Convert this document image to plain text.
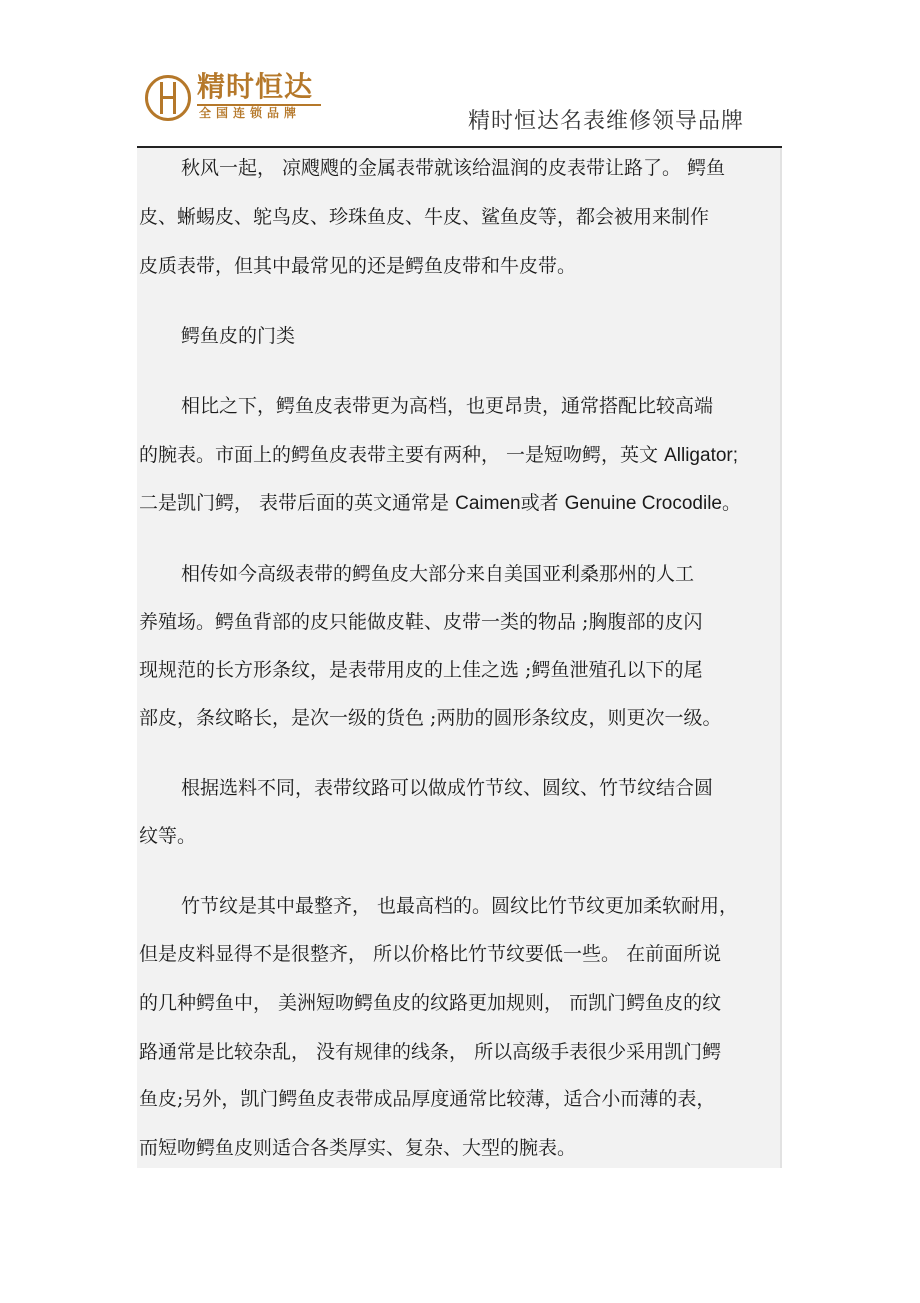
精时恒达
全国连锁品牌	精时恒达名表维修领导品牌
秋风一起， 凉飕飕的金属表带就该给温润的皮表带让路了。 鳄鱼
皮、蜥蜴皮、鸵鸟皮、珍珠鱼皮、牛皮、鲨鱼皮等，都会被用来制作
皮质表带，但其中最常见的还是鳄鱼皮带和牛皮带。
鳄鱼皮的门类
相比之下，鳄鱼皮表带更为高档，也更昂贵，通常搭配比较高端
的腕表。市面上的鳄鱼皮表带主要有两种， 一是短吻鳄，英文 Alligator;
二是凯门鳄， 表带后面的英文通常是 Caimen或者 Genuine Crocodile。
相传如今高级表带的鳄鱼皮大部分来自美国亚利桑那州的人工
养殖场。鳄鱼背部的皮只能做皮鞋、皮带一类的物品 ;胸腹部的皮闪
现规范的长方形条纹，是表带用皮的上佳之选 ;鳄鱼泄殖孔以下的尾
部皮，条纹略长，是次一级的货色 ;两肋的圆形条纹皮，则更次一级。
根据选料不同，表带纹路可以做成竹节纹、圆纹、竹节纹结合圆
纹等。
竹节纹是其中最整齐， 也最高档的。圆纹比竹节纹更加柔软耐用，
但是皮料显得不是很整齐， 所以价格比竹节纹要低一些。 在前面所说
的几种鳄鱼中， 美洲短吻鳄鱼皮的纹路更加规则， 而凯门鳄鱼皮的纹
路通常是比较杂乱， 没有规律的线条， 所以高级手表很少采用凯门鳄
鱼皮;另外，凯门鳄鱼皮表带成品厚度通常比较薄，适合小而薄的表，
而短吻鳄鱼皮则适合各类厚实、复杂、大型的腕表。
